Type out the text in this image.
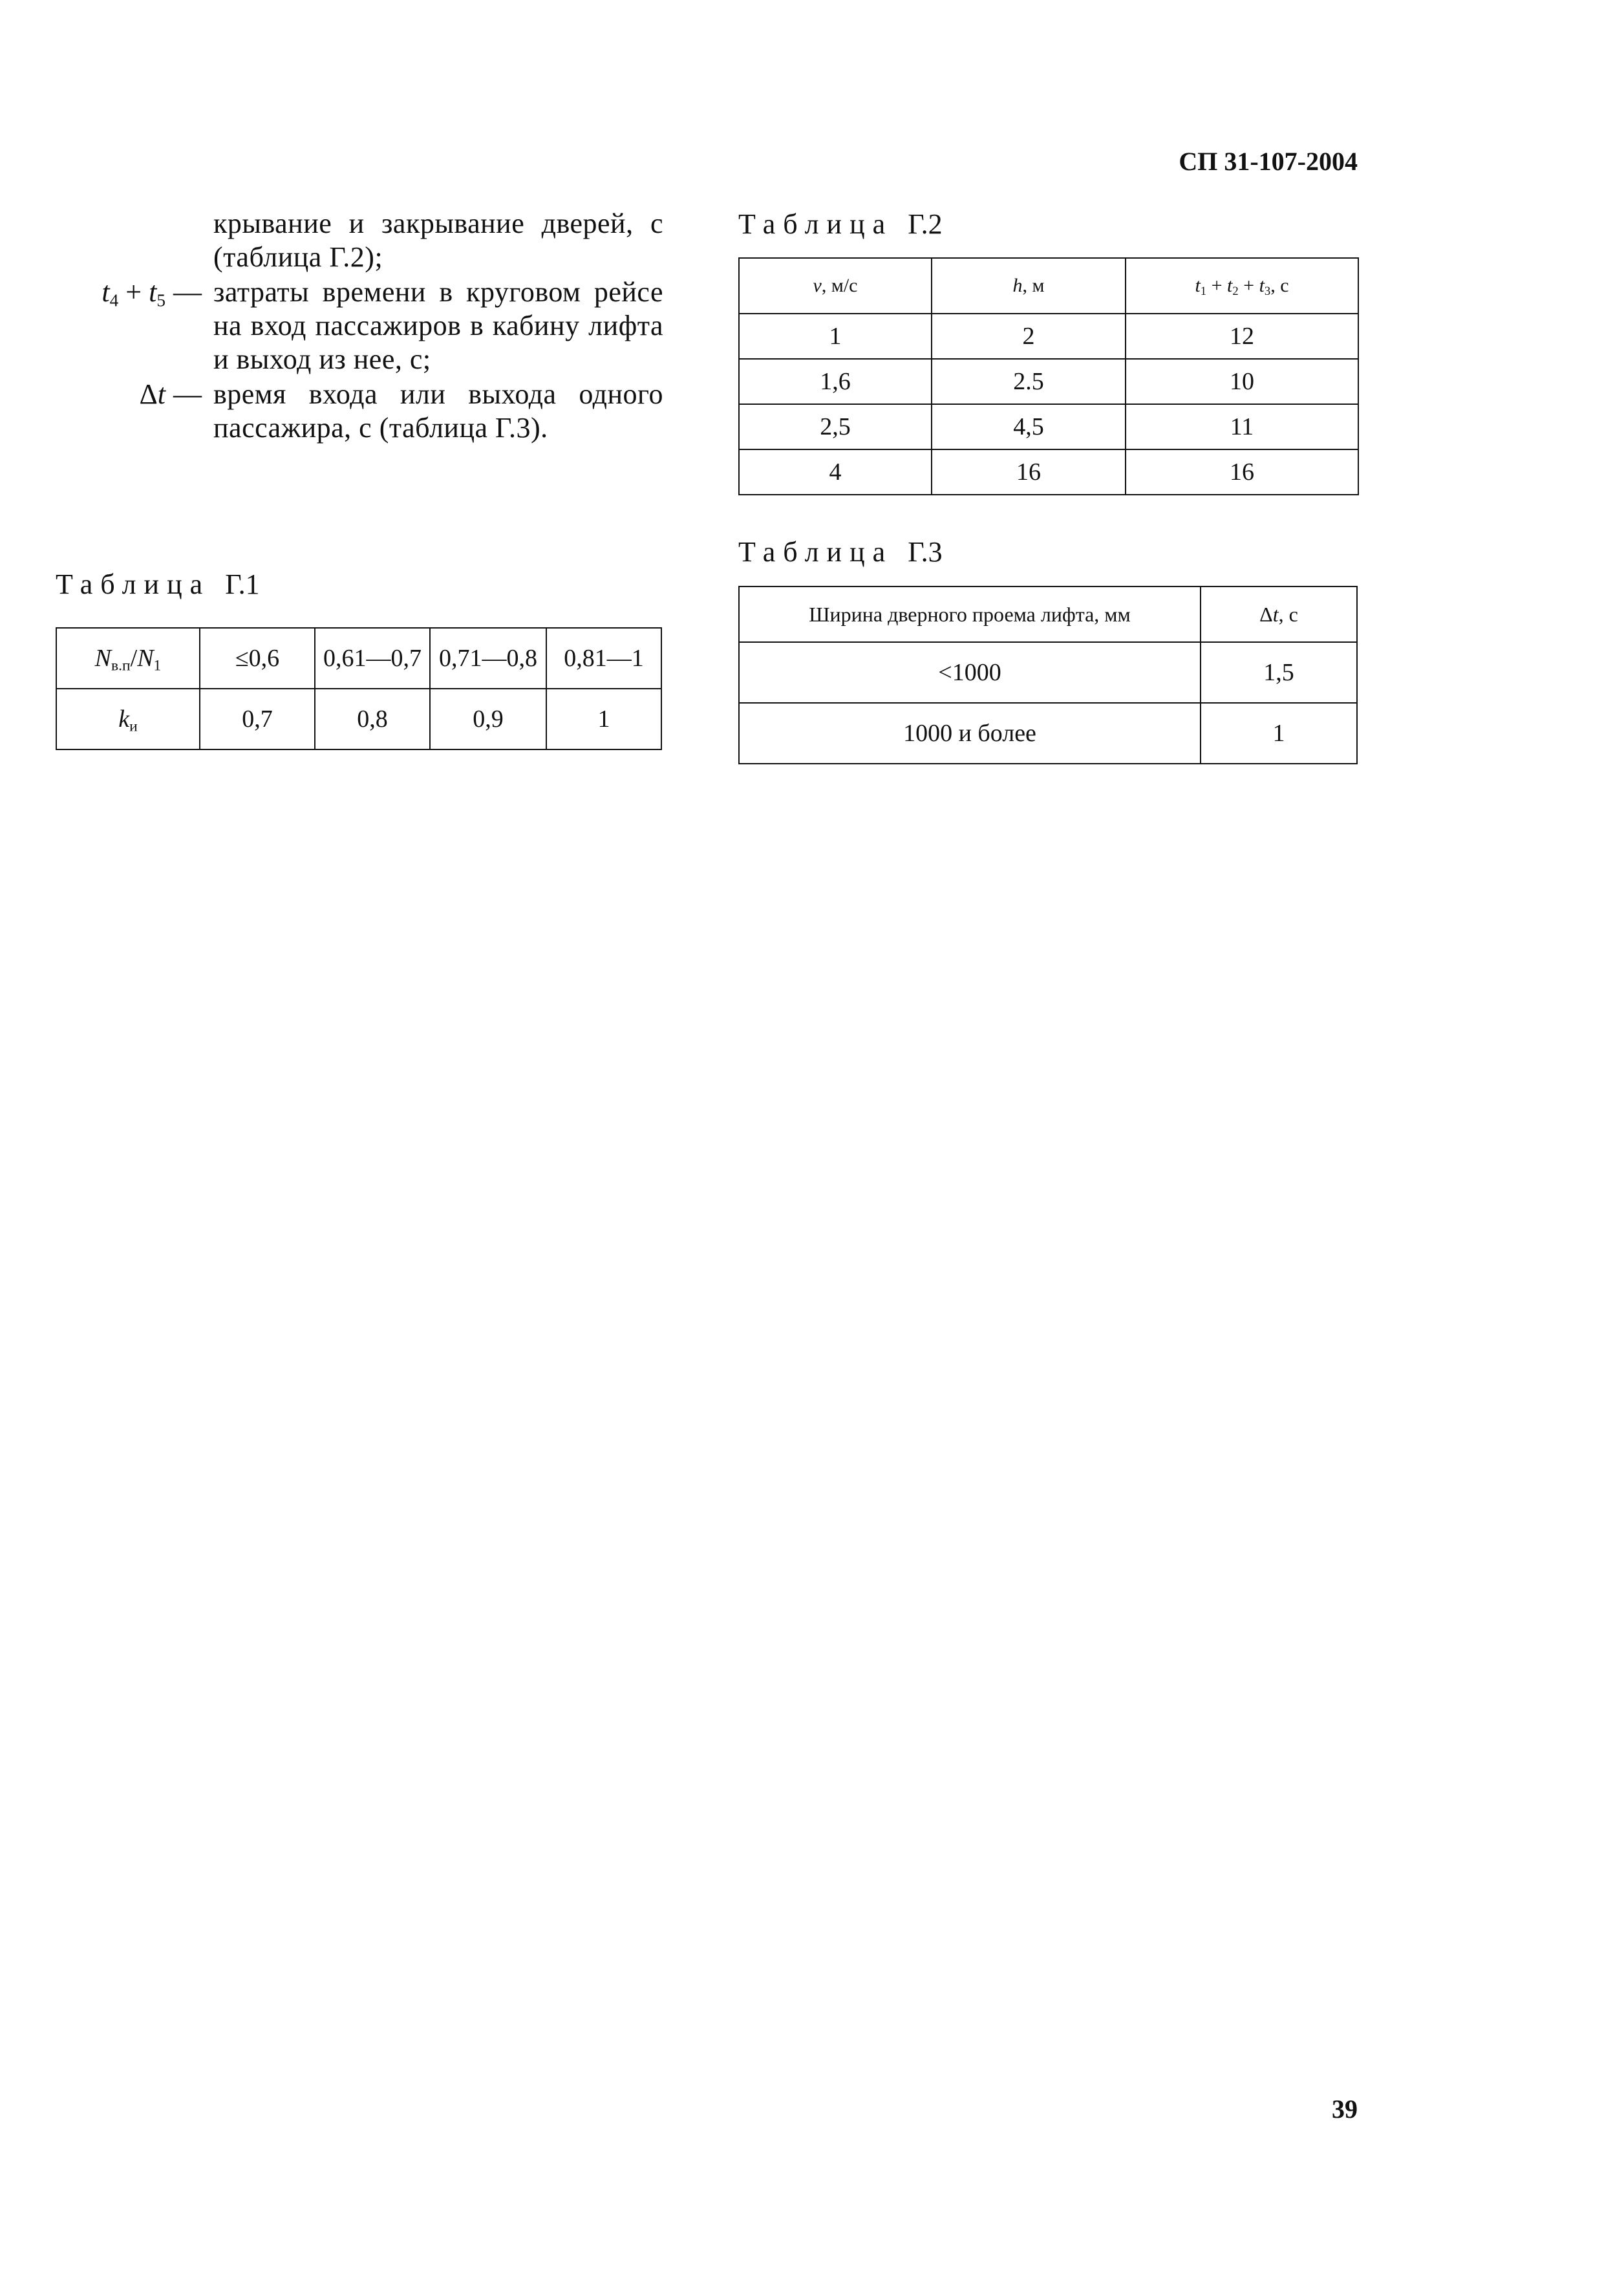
СП 31-107-2004
крывание и закрывание дверей, с (таблица Г.2);
$t_4 + t_5$ — затраты времени в круговом рейсе на вход пассажиров в кабину лифта и выход из нее, с;
Δt — время входа или выхода одного пассажира, с (таблица Г.3).
Таблица Г.1
$N_{в.п}/N_1$	≤0,6	0,61—0,7	0,71—0,8	0,81—1
$k_и$	0,7	0,8	0,9	1
Таблица Г.2
v, м/с	h, м	$t_1 + t_2 + t_3$, с
1	2	12
1,6	2.5	10
2,5	4,5	11
4	16	16
Таблица Г.3
Ширина дверного проема лифта, мм	Δt, с
<1000	1,5
1000 и более	1
39
